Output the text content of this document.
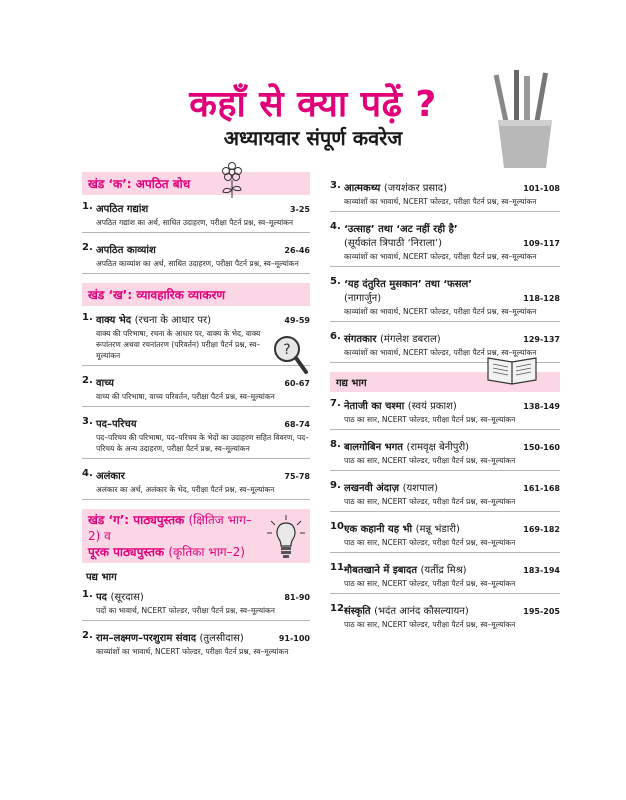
कहाँ से क्या पढ़ें ?
अध्यायवार संपूर्ण कवरेज
खंड ‘क’: अपठित बोध
1. अपठित गद्यांश	3-25
अपठित गद्यांश का अर्थ, साधित उदाहरण, परीक्षा पैटर्न प्रश्न, स्व–मूल्यांकन
2. अपठित काव्यांश	26-46
अपठित काव्यांश का अर्थ, साधित उदाहरण, परीक्षा पैटर्न प्रश्न, स्व–मूल्यांकन
खंड ‘ख’: व्यावहारिक व्याकरण
1. वाक्य भेद (रचना के आधार पर)	49-59
वाक्य की परिभाषा, रचना के आधार पर, वाक्य के भेद, वाक्य रूपांतरण अथवा रचनांतरण (परिवर्तन) परीक्षा पैटर्न प्रश्न, स्व–मूल्यांकन	?
2. वाच्य	60-67
वाच्य की परिभाषा, वाच्य परिवर्तन, परीक्षा पैटर्न प्रश्न, स्व–मूल्यांकन
3. पद–परिचय	68-74
पद–परिचय की परिभाषा, पद–परिचय के भेदों का उदाहरण सहित विवरण, पद– परिचय के अन्य उदाहरण, परीक्षा पैटर्न प्रश्न, स्व–मूल्यांकन
4. अलंकार	75-78
अलंकार का अर्थ, अलंकार के भेद, परीक्षा पैटर्न प्रश्न, स्व–मूल्यांकन
खंड ‘ग’: पाठ्यपुस्तक (क्षितिज भाग–2) व
पूरक पाठ्यपुस्तक (कृतिका भाग–2)
पद्य भाग
1. पद (सूरदास)	81-90
पदों का भावार्थ, NCERT फोल्डर, परीक्षा पैटर्न प्रश्न, स्व–मूल्यांकन
2. राम–लक्ष्मण–परशुराम संवाद (तुलसीदास)	91-100
काव्यांशों का भावार्थ, NCERT फोल्डर, परीक्षा पैटर्न प्रश्न, स्व–मूल्यांकन
3. आत्मकथ्य (जयशंकर प्रसाद)	101-108
काव्यांशों का भावार्थ, NCERT फोल्डर, परीक्षा पैटर्न प्रश्न, स्व–मूल्यांकन
4. ‘उत्साह’ तथा ‘अट नहीं रही है’
(सूर्यकांत त्रिपाठी ‘निराला’)	109-117
काव्यांशों का भावार्थ, NCERT फोल्डर, परीक्षा पैटर्न प्रश्न, स्व–मूल्यांकन
5. ‘यह दंतुरित मुसकान’ तथा ‘फसल’
(नागार्जुन)	118-128
काव्यांशों का भावार्थ, NCERT फोल्डर, परीक्षा पैटर्न प्रश्न, स्व–मूल्यांकन
6. संगतकार (मंगलेश डबराल)	129-137
काव्यांशों का भावार्थ, NCERT फोल्डर, परीक्षा पैटर्न प्रश्न, स्व–मूल्यांकन
गद्य भाग
7. नेताजी का चश्मा (स्वयं प्रकाश)	138-149
पाठ का सार, NCERT फोल्डर, परीक्षा पैटर्न प्रश्न, स्व–मूल्यांकन
8. बालगोबिन भगत (रामवृक्ष बेनीपुरी)	150-160
पाठ का सार, NCERT फोल्डर, परीक्षा पैटर्न प्रश्न, स्व–मूल्यांकन
9. लखनवी अंदाज़ (यशपाल)	161-168
पाठ का सार, NCERT फोल्डर, परीक्षा पैटर्न प्रश्न, स्व–मूल्यांकन
10.
एक कहानी यह भी (मन्नू भंडारी)	169-182
पाठ का सार, NCERT फोल्डर, परीक्षा पैटर्न प्रश्न, स्व–मूल्यांकन
11.
नौबतखाने में इबादत (यतींद्र मिश्र)	183-194
पाठ का सार, NCERT फोल्डर, परीक्षा पैटर्न प्रश्न, स्व–मूल्यांकन
12.
संस्कृति (भदंत आनंद कौसल्यायन)	195-205
पाठ का सार, NCERT फोल्डर, परीक्षा पैटर्न प्रश्न, स्व–मूल्यांकन
